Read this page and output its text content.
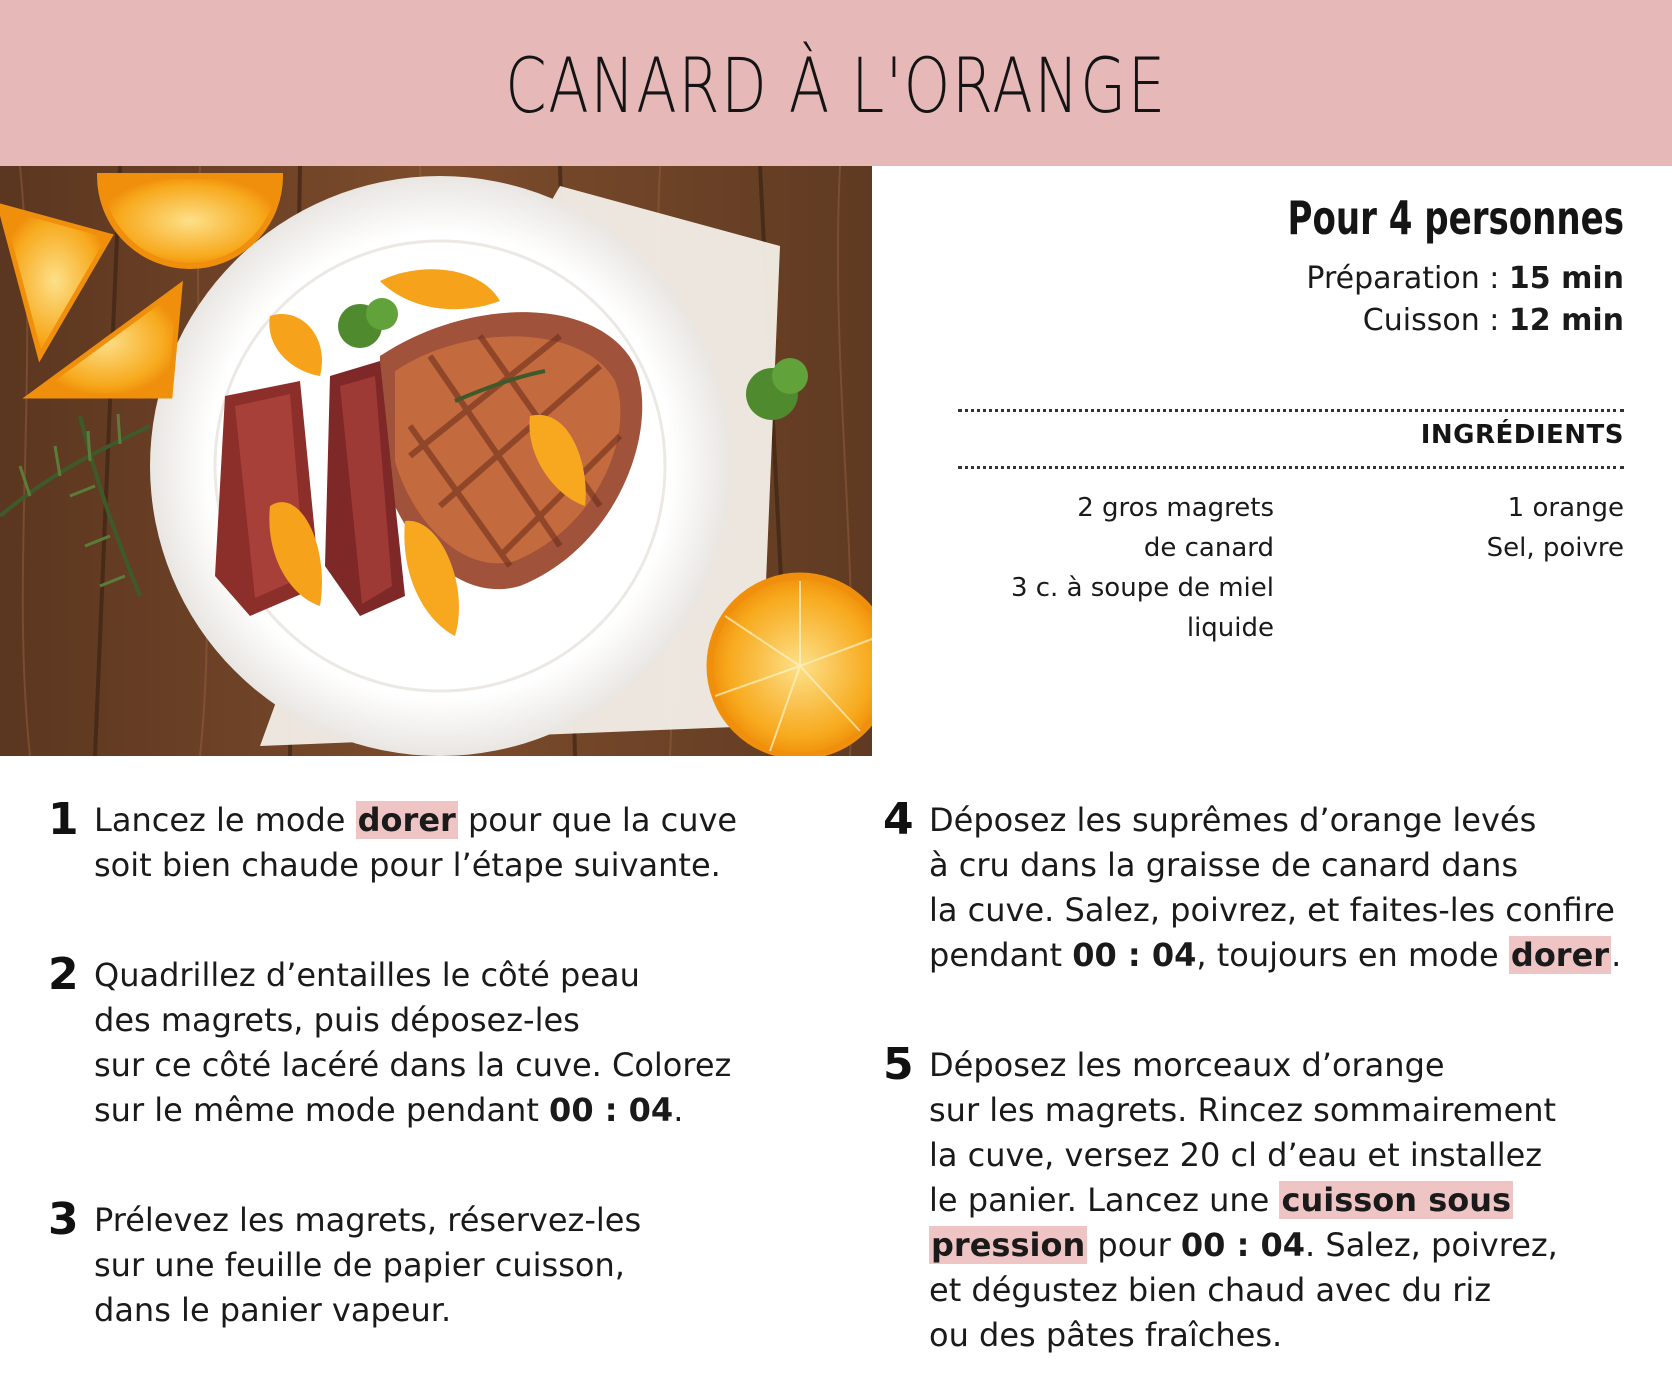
CANARD À L'ORANGE
Pour 4 personnes
Préparation : 15 min
Cuisson : 12 min
INGRÉDIENTS
2 gros magrets
de canard
3 c. à soupe de miel
liquide
1 orange
Sel, poivre
1 Lancez le mode dorer pour que la cuve

soit bien chaude pour l’étape suivante.

2 Quadrillez d’entailles le côté peau

des magrets, puis déposez-les

sur ce côté lacéré dans la cuve. Colorez

sur le même mode pendant 00 : 04.

3 Prélevez les magrets, réservez-les

sur une feuille de papier cuisson,

dans le panier vapeur.

4 Déposez les suprêmes d’orange levés

à cru dans la graisse de canard dans

la cuve. Salez, poivrez, et faites-les confire

pendant 00 : 04, toujours en mode dorer.

5 Déposez les morceaux d’orange

sur les magrets. Rincez sommairement

la cuve, versez 20 cl d’eau et installez

le panier. Lancez une cuisson sous

pression pour 00 : 04. Salez, poivrez,

et dégustez bien chaud avec du riz

ou des pâtes fraîches.
